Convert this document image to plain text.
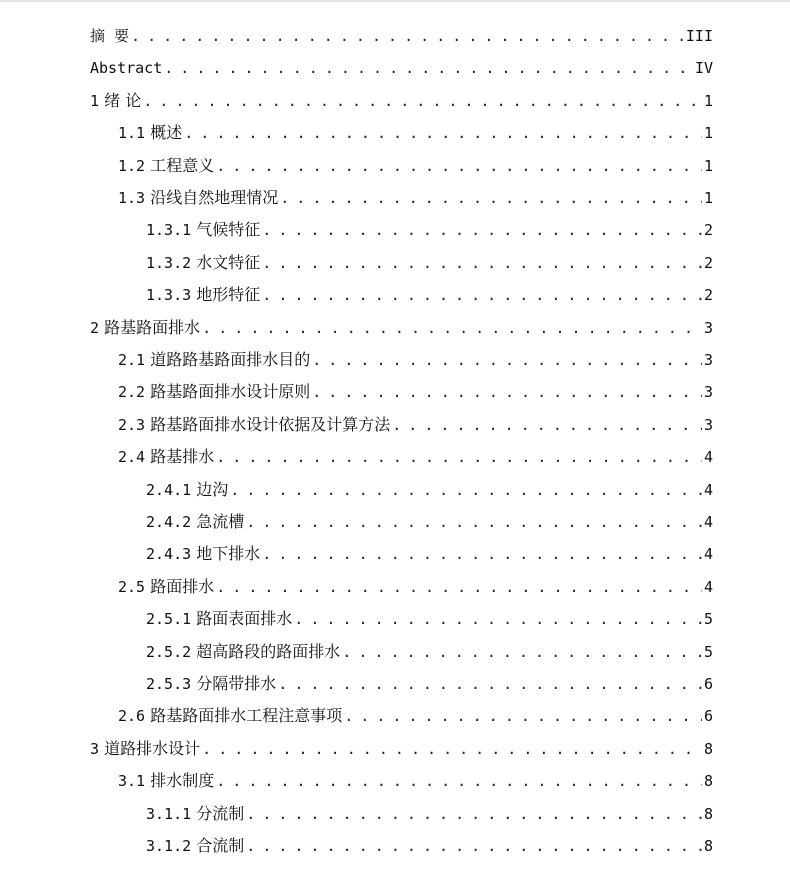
摘 要 . . .	III
Abstract . . .	IV
1 绪 论 . . .	1
1.1 概述 . . .	1
1.2 工程意义 . . .	1
1.3 沿线自然地理情况 . . .	1
1.3.1 气候特征 . . .	2
1.3.2 水文特征 . . .	2
1.3.3 地形特征 . . .	2
2 路基路面排水 . . .	3
2.1 道路路基路面排水目的 . . .	3
2.2 路基路面排水设计原则 . . .	3
2.3 路基路面排水设计依据及计算方法 . . .	3
2.4 路基排水 . . .	4
2.4.1 边沟 . . .	4
2.4.2 急流槽 . . .	4
2.4.3 地下排水 . . .	4
2.5 路面排水 . . .	4
2.5.1 路面表面排水 . . .	5
2.5.2 超高路段的路面排水 . . .	5
2.5.3 分隔带排水 . . .	6
2.6 路基路面排水工程注意事项 . . .	6
3 道路排水设计 . . .	8
3.1 排水制度 . . .	8
3.1.1 分流制 . . .	8
3.1.2 合流制 . . .	8
